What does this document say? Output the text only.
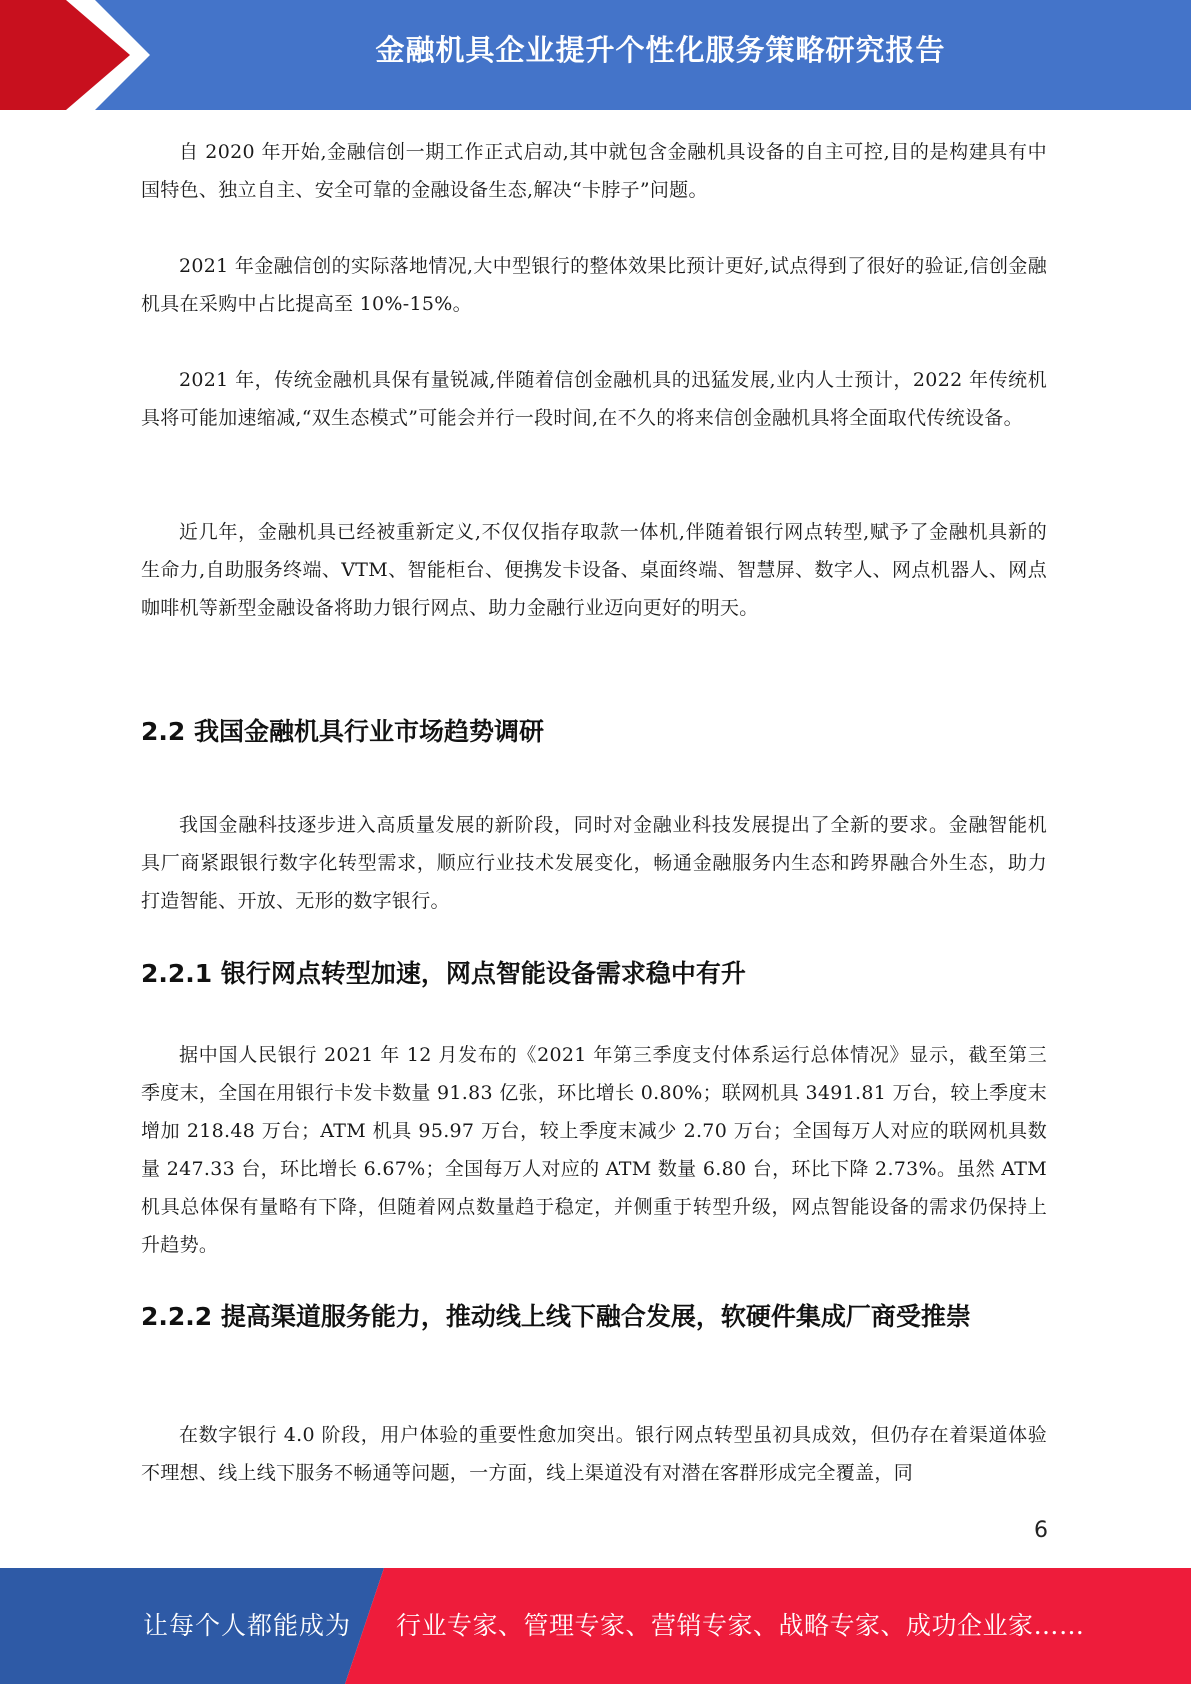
金融机具企业提升个性化服务策略研究报告

自 2020 年开始,金融信创一期工作正式启动,其中就包含金融机具设备的自主可控,目的是构建具有中国特色、独立自主、安全可靠的金融设备生态,解决“卡脖子”问题。

2021 年金融信创的实际落地情况,大中型银行的整体效果比预计更好,试点得到了很好的验证,信创金融机具在采购中占比提高至 10%-15%。

2021 年，传统金融机具保有量锐减,伴随着信创金融机具的迅猛发展,业内人士预计，2022 年传统机具将可能加速缩减,“双生态模式”可能会并行一段时间,在不久的将来信创金融机具将全面取代传统设备。

近几年，金融机具已经被重新定义,不仅仅指存取款一体机,伴随着银行网点转型,赋予了金融机具新的生命力,自助服务终端、VTM、智能柜台、便携发卡设备、桌面终端、智慧屏、数字人、网点机器人、网点咖啡机等新型金融设备将助力银行网点、助力金融行业迈向更好的明天。

2.2 我国金融机具行业市场趋势调研

我国金融科技逐步进入高质量发展的新阶段，同时对金融业科技发展提出了全新的要求。金融智能机具厂商紧跟银行数字化转型需求，顺应行业技术发展变化，畅通金融服务内生态和跨界融合外生态，助力打造智能、开放、无形的数字银行。

2.2.1 银行网点转型加速，网点智能设备需求稳中有升

据中国人民银行 2021 年 12 月发布的《2021 年第三季度支付体系运行总体情况》显示，截至第三季度末，全国在用银行卡发卡数量 91.83 亿张，环比增长 0.80%；联网机具 3491.81 万台，较上季度末增加 218.48 万台；ATM 机具 95.97 万台，较上季度末减少 2.70 万台；全国每万人对应的联网机具数量 247.33 台，环比增长 6.67%；全国每万人对应的 ATM 数量 6.80 台，环比下降 2.73%。虽然 ATM 机具总体保有量略有下降，但随着网点数量趋于稳定，并侧重于转型升级，网点智能设备的需求仍保持上升趋势。

2.2.2 提高渠道服务能力，推动线上线下融合发展，软硬件集成厂商受推崇

在数字银行 4.0 阶段，用户体验的重要性愈加突出。银行网点转型虽初具成效，但仍存在着渠道体验不理想、线上线下服务不畅通等问题，一方面，线上渠道没有对潜在客群形成完全覆盖，同

6
让每个人都能成为 行业专家、管理专家、营销专家、战略专家、成功企业家……
